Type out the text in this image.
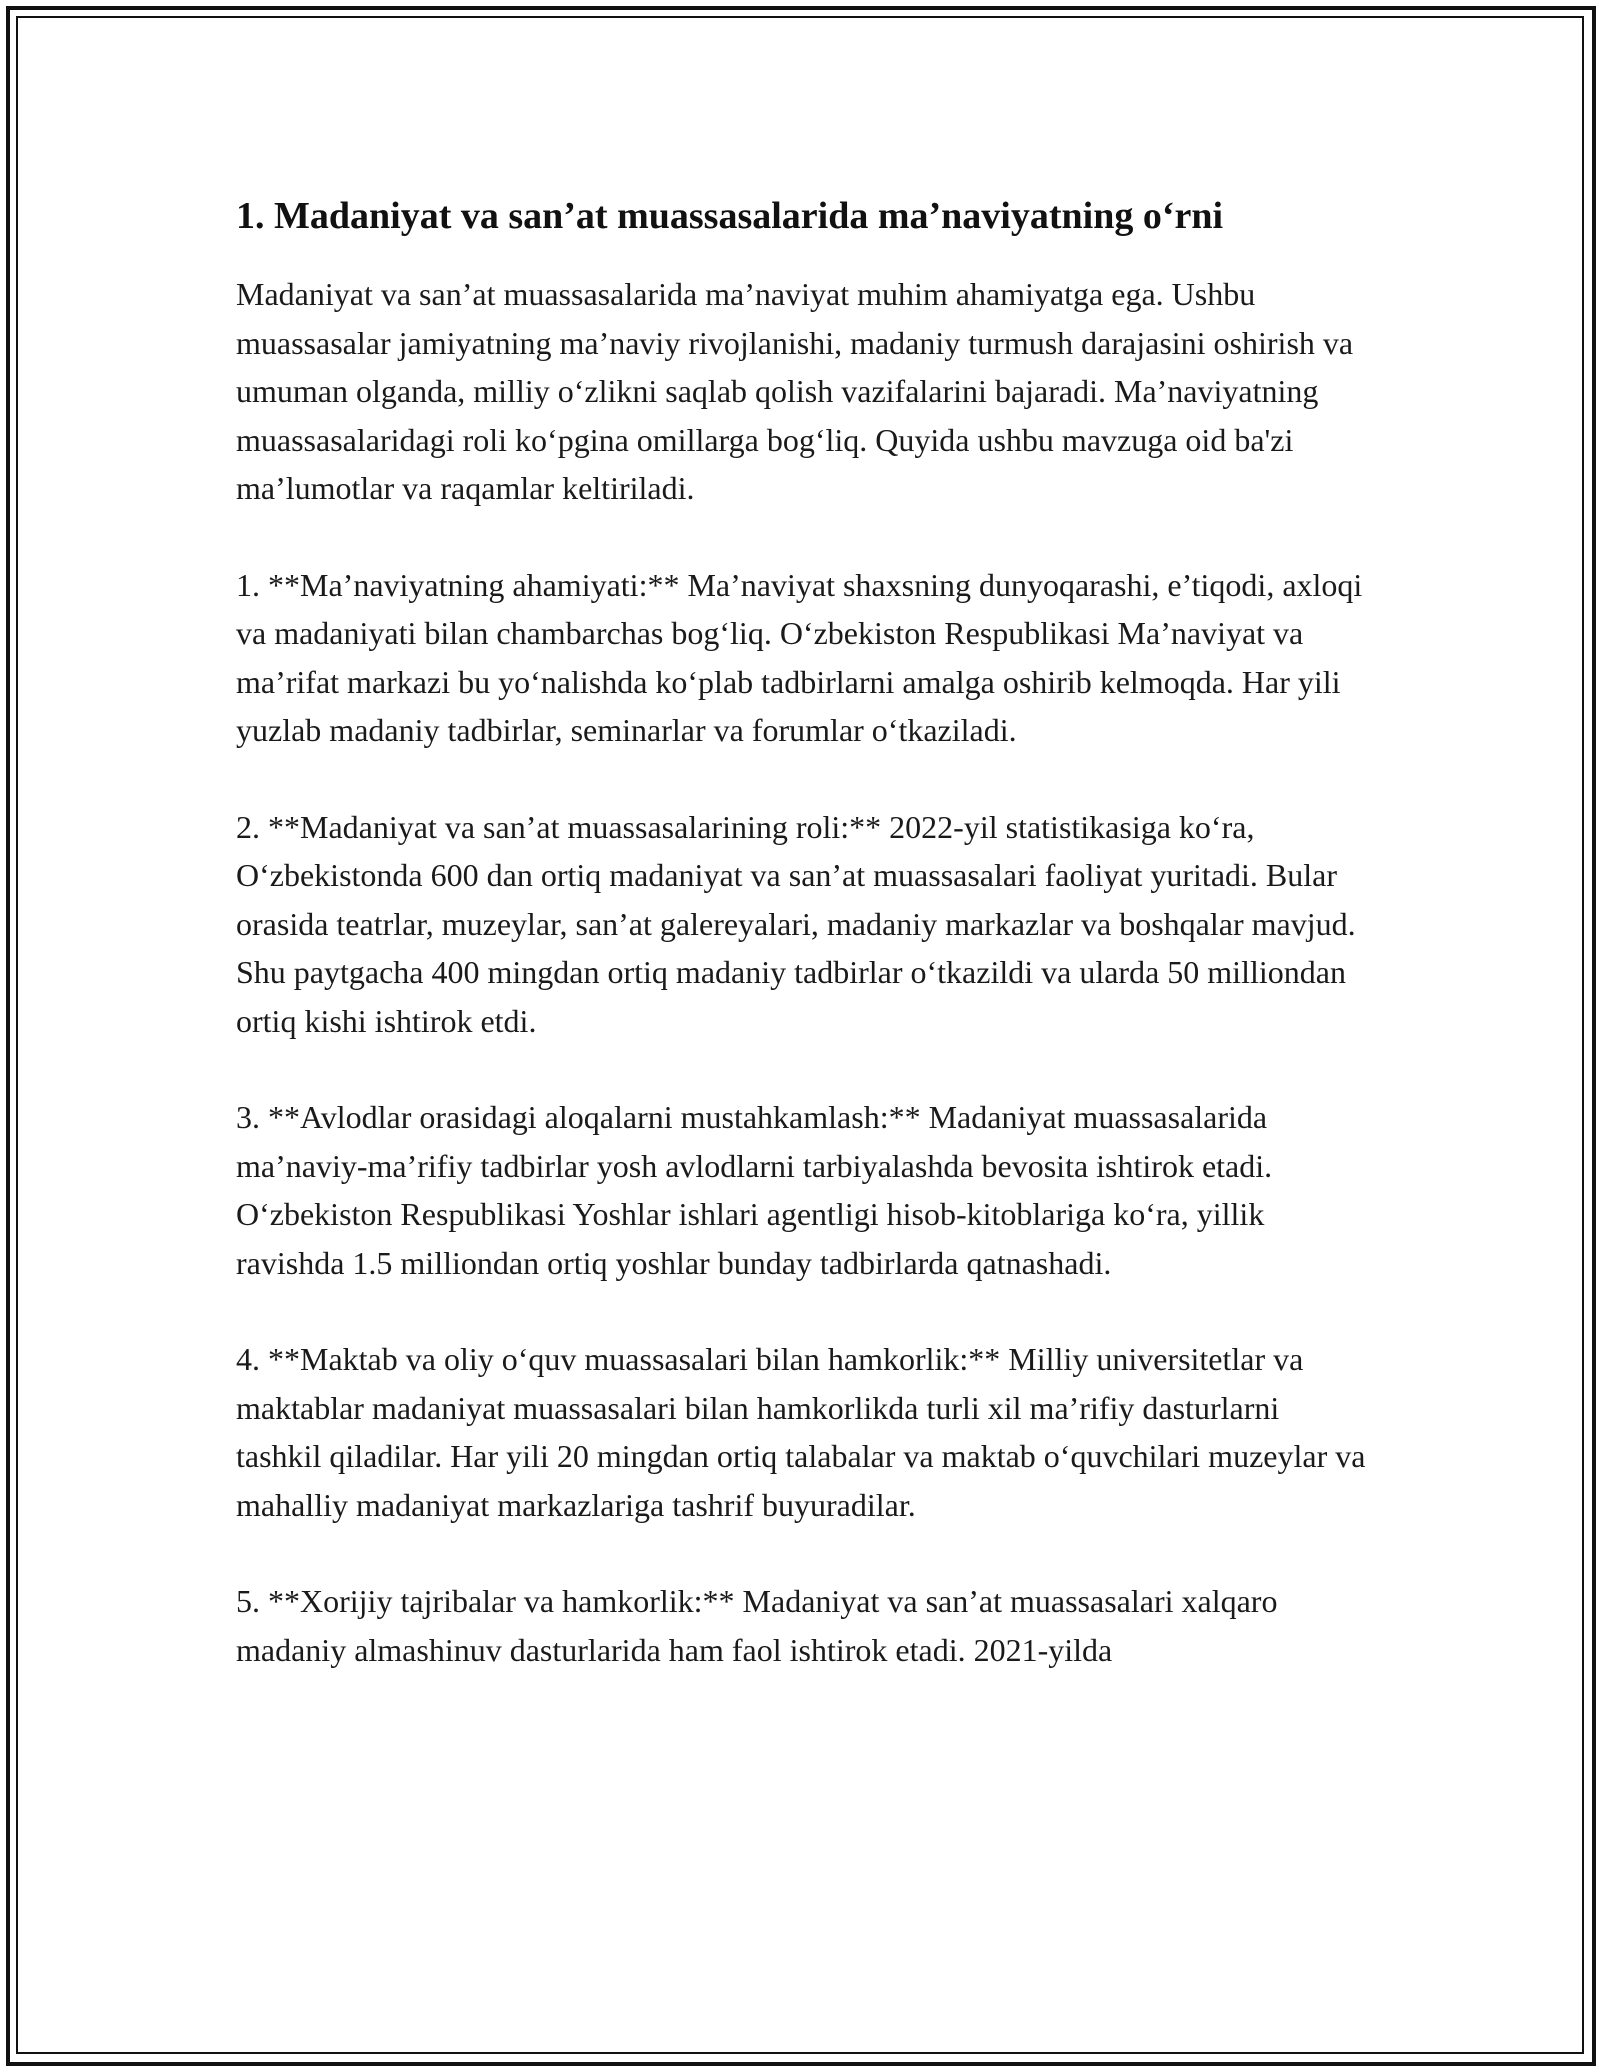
1. Madaniyat va san’at muassasalarida ma’naviyatning o‘rni

Madaniyat va san’at muassasalarida ma’naviyat muhim ahamiyatga ega. Ushbu muassasalar jamiyatning ma’naviy rivojlanishi, madaniy turmush darajasini oshirish va umuman olganda, milliy o‘zlikni saqlab qolish vazifalarini bajaradi. Ma’naviyatning muassasalaridagi roli ko‘pgina omillarga bog‘liq. Quyida ushbu mavzuga oid ba'zi ma’lumotlar va raqamlar keltiriladi.

1. **Ma’naviyatning ahamiyati:** Ma’naviyat shaxsning dunyoqarashi, e’tiqodi, axloqi va madaniyati bilan chambarchas bog‘liq. O‘zbekiston Respublikasi Ma’naviyat va ma’rifat markazi bu yo‘nalishda ko‘plab tadbirlarni amalga oshirib kelmoqda. Har yili yuzlab madaniy tadbirlar, seminarlar va forumlar o‘tkaziladi.

2. **Madaniyat va san’at muassasalarining roli:** 2022-yil statistikasiga ko‘ra, O‘zbekistonda 600 dan ortiq madaniyat va san’at muassasalari faoliyat yuritadi. Bular orasida teatrlar, muzeylar, san’at galereyalari, madaniy markazlar va boshqalar mavjud. Shu paytgacha 400 mingdan ortiq madaniy tadbirlar o‘tkazildi va ularda 50 milliondan ortiq kishi ishtirok etdi.

3. **Avlodlar orasidagi aloqalarni mustahkamlash:** Madaniyat muassasalarida ma’naviy-ma’rifiy tadbirlar yosh avlodlarni tarbiyalashda bevosita ishtirok etadi. O‘zbekiston Respublikasi Yoshlar ishlari agentligi hisob-kitoblariga ko‘ra, yillik ravishda 1.5 milliondan ortiq yoshlar bunday tadbirlarda qatnashadi.

4. **Maktab va oliy o‘quv muassasalari bilan hamkorlik:** Milliy universitetlar va maktablar madaniyat muassasalari bilan hamkorlikda turli xil ma’rifiy dasturlarni tashkil qiladilar. Har yili 20 mingdan ortiq talabalar va maktab o‘quvchilari muzeylar va mahalliy madaniyat markazlariga tashrif buyuradilar.

5. **Xorijiy tajribalar va hamkorlik:** Madaniyat va san’at muassasalari xalqaro madaniy almashinuv dasturlarida ham faol ishtirok etadi. 2021-yilda
